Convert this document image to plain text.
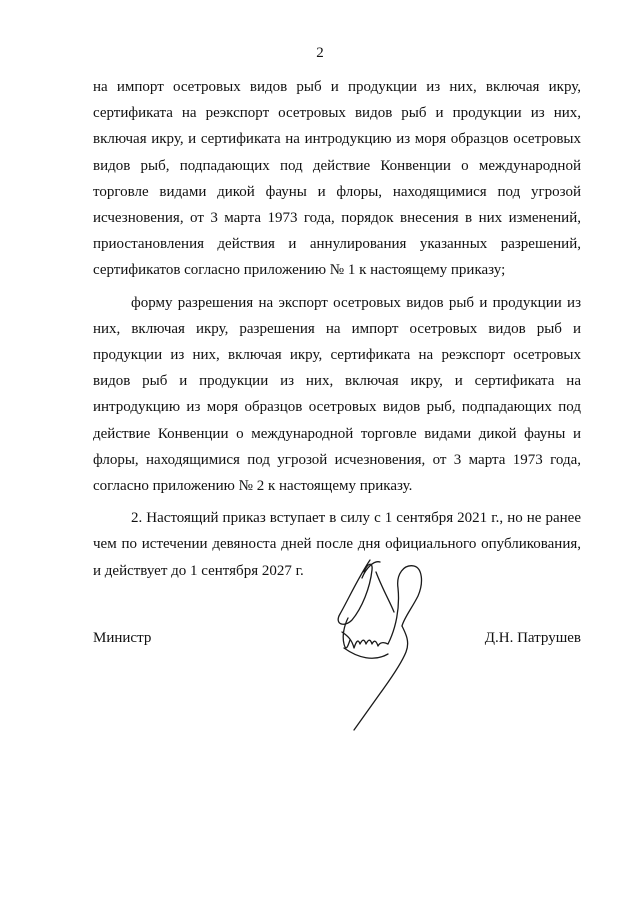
2

на импорт осетровых видов рыб и продукции из них, включая икру, сертификата на реэкспорт осетровых видов рыб и продукции из них, включая икру, и сертификата на интродукцию из моря образцов осетровых видов рыб, подпадающих под действие Конвенции о международной торговле видами дикой фауны и флоры, находящимися под угрозой исчезновения, от 3 марта 1973 года, порядок внесения в них изменений, приостановления действия и аннулирования указанных разрешений, сертификатов согласно приложению № 1 к настоящему приказу;

форму разрешения на экспорт осетровых видов рыб и продукции из них, включая икру, разрешения на импорт осетровых видов рыб и продукции из них, включая икру, сертификата на реэкспорт осетровых видов рыб и продукции из них, включая икру, и сертификата на интродукцию из моря образцов осетровых видов рыб, подпадающих под действие Конвенции о международной торговле видами дикой фауны и флоры, находящимися под угрозой исчезновения, от 3 марта 1973 года, согласно приложению № 2 к настоящему приказу.

2. Настоящий приказ вступает в силу с 1 сентября 2021 г., но не ранее чем по истечении девяноста дней после дня официального опубликования, и действует до 1 сентября 2027 г.

Министр	Д.Н. Патрушев
